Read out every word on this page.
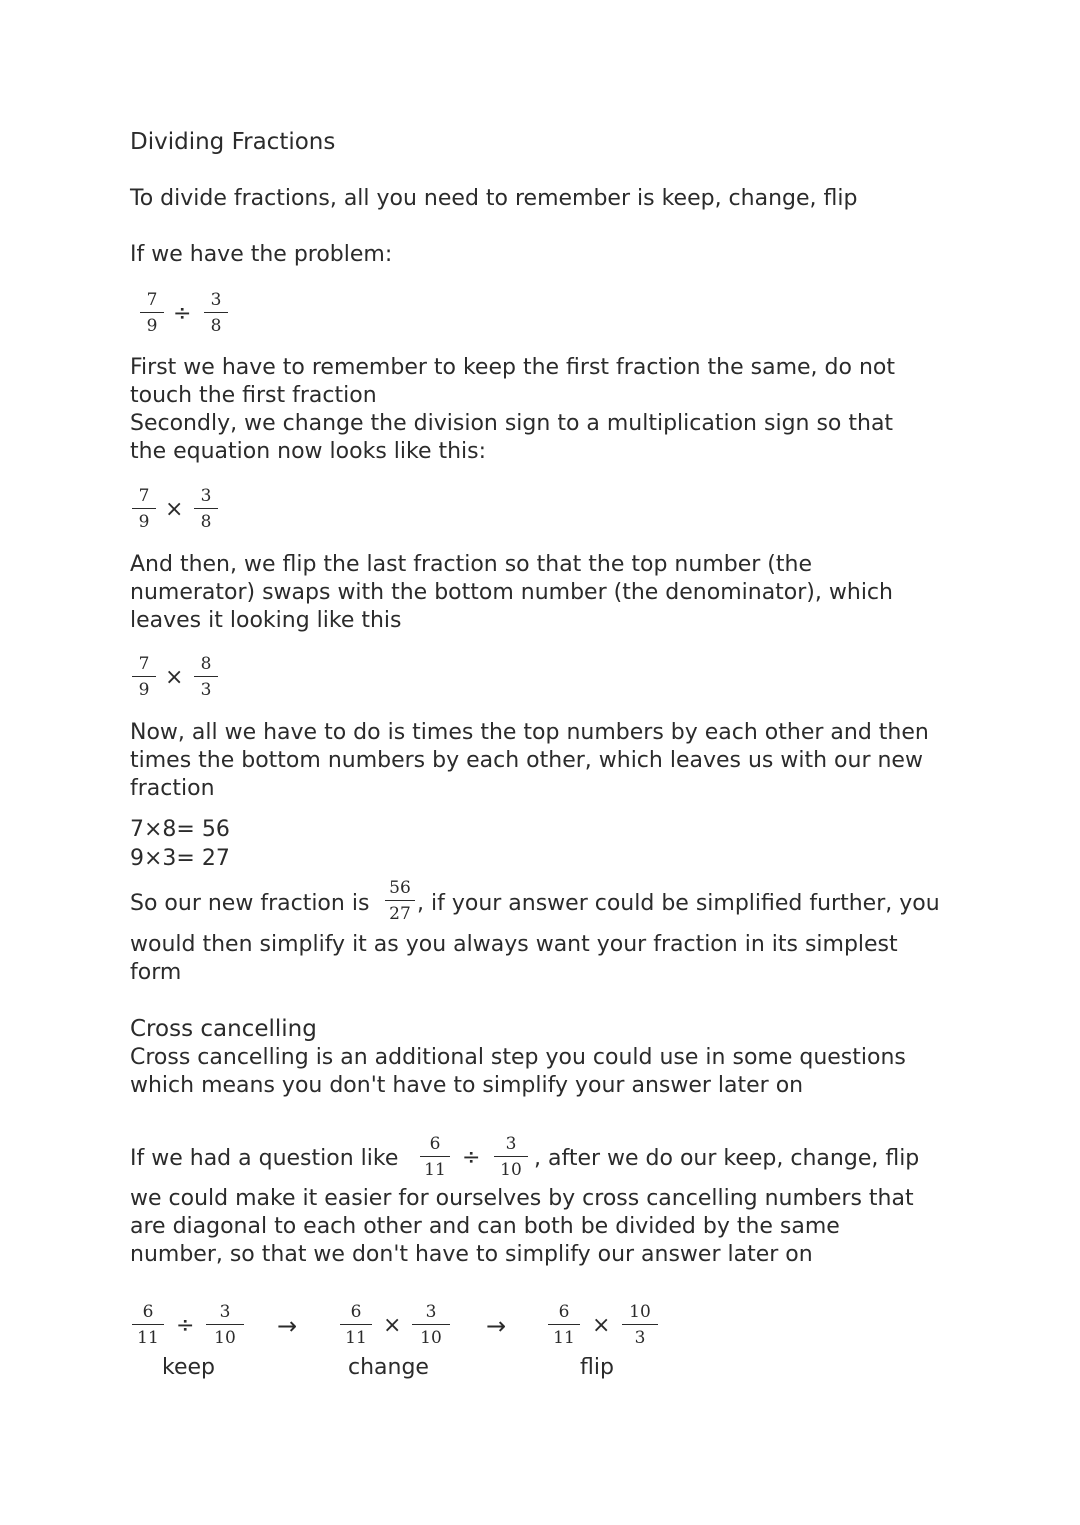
Dividing Fractions
To divide fractions, all you need to remember is keep, change, flip
If we have the problem:
7
9 ÷
3
8
First we have to remember to keep the first fraction the same, do not
touch the first fraction
Secondly, we change the division sign to a multiplication sign so that
the equation now looks like this:
7
9 ×
3
8
And then, we flip the last fraction so that the top number (the
numerator) swaps with the bottom number (the denominator), which
leaves it looking like this
7
9 ×
8
3
Now, all we have to do is times the top numbers by each other and then
times the bottom numbers by each other, which leaves us with our new
fraction
7×8= 56
9×3= 27
So our new fraction is
56
27 , if your answer could be simplified further, you
would then simplify it as you always want your fraction in its simplest
form
Cross cancelling
Cross cancelling is an additional step you could use in some questions
which means you don't have to simplify your answer later on
If we had a question like
6
11 ÷
3
10 , after we do our keep, change, flip
we could make it easier for ourselves by cross cancelling numbers that
are diagonal to each other and can both be divided by the same
number, so that we don't have to simplify our answer later on
6
11 ÷
3
10
keep
→	6
11 ×
3
10
change
→	6
11 ×
10
3
flip
